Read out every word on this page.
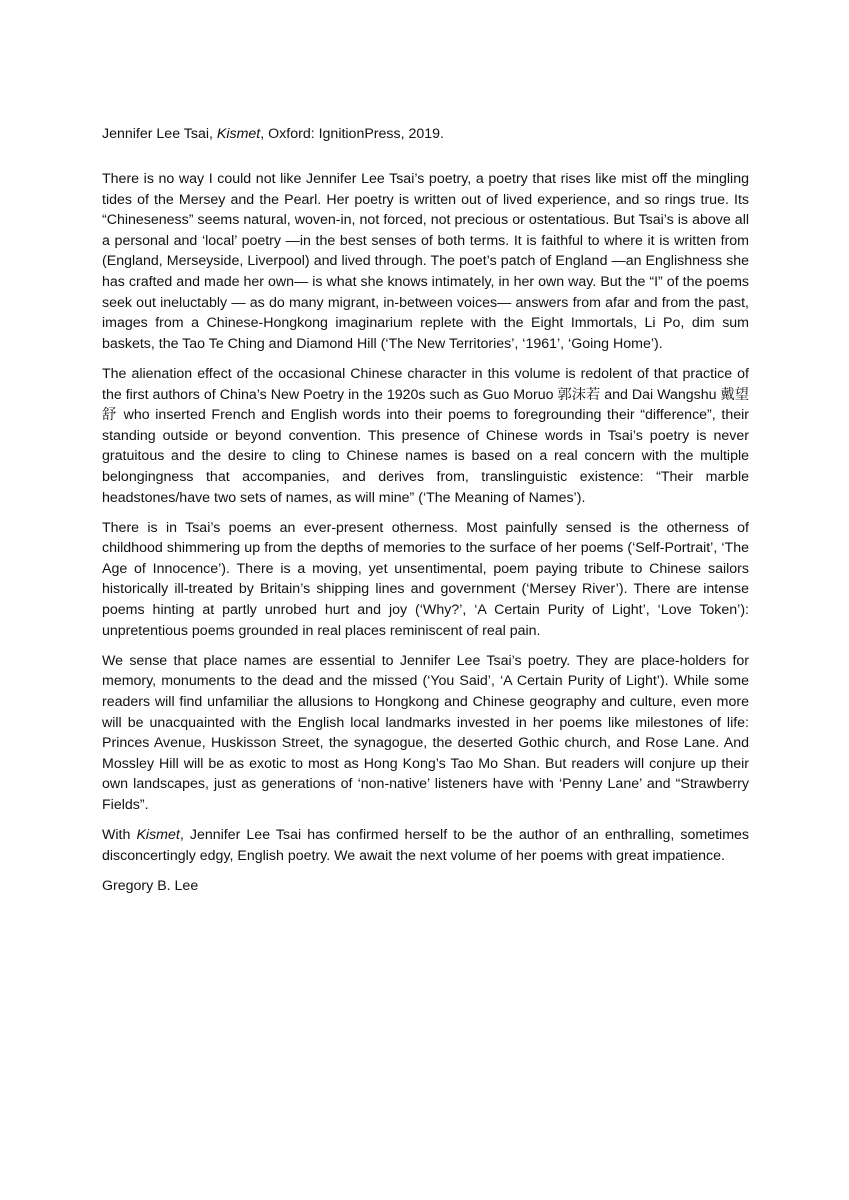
Jennifer Lee Tsai, Kismet, Oxford: IgnitionPress, 2019.

There is no way I could not like Jennifer Lee Tsai’s poetry, a poetry that rises like mist off the mingling tides of the Mersey and the Pearl. Her poetry is written out of lived experience, and so rings true. Its “Chineseness” seems natural, woven-in, not forced, not precious or ostentatious. But Tsai’s is above all a personal and ‘local’ poetry —in the best senses of both terms. It is faithful to where it is written from (England, Merseyside, Liverpool) and lived through. The poet’s patch of England —an Englishness she has crafted and made her own— is what she knows intimately, in her own way. But the “I” of the poems seek out ineluctably — as do many migrant, in-between voices— answers from afar and from the past, images from a Chinese-Hongkong imaginarium replete with the Eight Immortals, Li Po, dim sum baskets, the Tao Te Ching and Diamond Hill (‘The New Territories’, ‘1961’, ‘Going Home’).

The alienation effect of the occasional Chinese character in this volume is redolent of that practice of the first authors of China’s New Poetry in the 1920s such as Guo Moruo 郭沫若 and Dai Wangshu 戴望舒 who inserted French and English words into their poems to foregrounding their “difference”, their standing outside or beyond convention. This presence of Chinese words in Tsai’s poetry is never gratuitous and the desire to cling to Chinese names is based on a real concern with the multiple belongingness that accompanies, and derives from, translinguistic existence: “Their marble headstones/have two sets of names, as will mine” (‘The Meaning of Names’).

There is in Tsai’s poems an ever-present otherness. Most painfully sensed is the otherness of childhood shimmering up from the depths of memories to the surface of her poems (‘Self-Portrait’, ‘The Age of Innocence’). There is a moving, yet unsentimental, poem paying tribute to Chinese sailors historically ill-treated by Britain’s shipping lines and government (‘Mersey River’). There are intense poems hinting at partly unrobed hurt and joy (‘Why?’, ‘A Certain Purity of Light’, ‘Love Token’): unpretentious poems grounded in real places reminiscent of real pain.

We sense that place names are essential to Jennifer Lee Tsai’s poetry. They are place-holders for memory, monuments to the dead and the missed (‘You Said’, ‘A Certain Purity of Light’). While some readers will find unfamiliar the allusions to Hongkong and Chinese geography and culture, even more will be unacquainted with the English local landmarks invested in her poems like milestones of life: Princes Avenue, Huskisson Street, the synagogue, the deserted Gothic church, and Rose Lane. And Mossley Hill will be as exotic to most as Hong Kong’s Tao Mo Shan. But readers will conjure up their own landscapes, just as generations of ‘non-native’ listeners have with ‘Penny Lane’ and “Strawberry Fields”.

With Kismet, Jennifer Lee Tsai has confirmed herself to be the author of an enthralling, sometimes disconcertingly edgy, English poetry. We await the next volume of her poems with great impatience.

Gregory B. Lee
